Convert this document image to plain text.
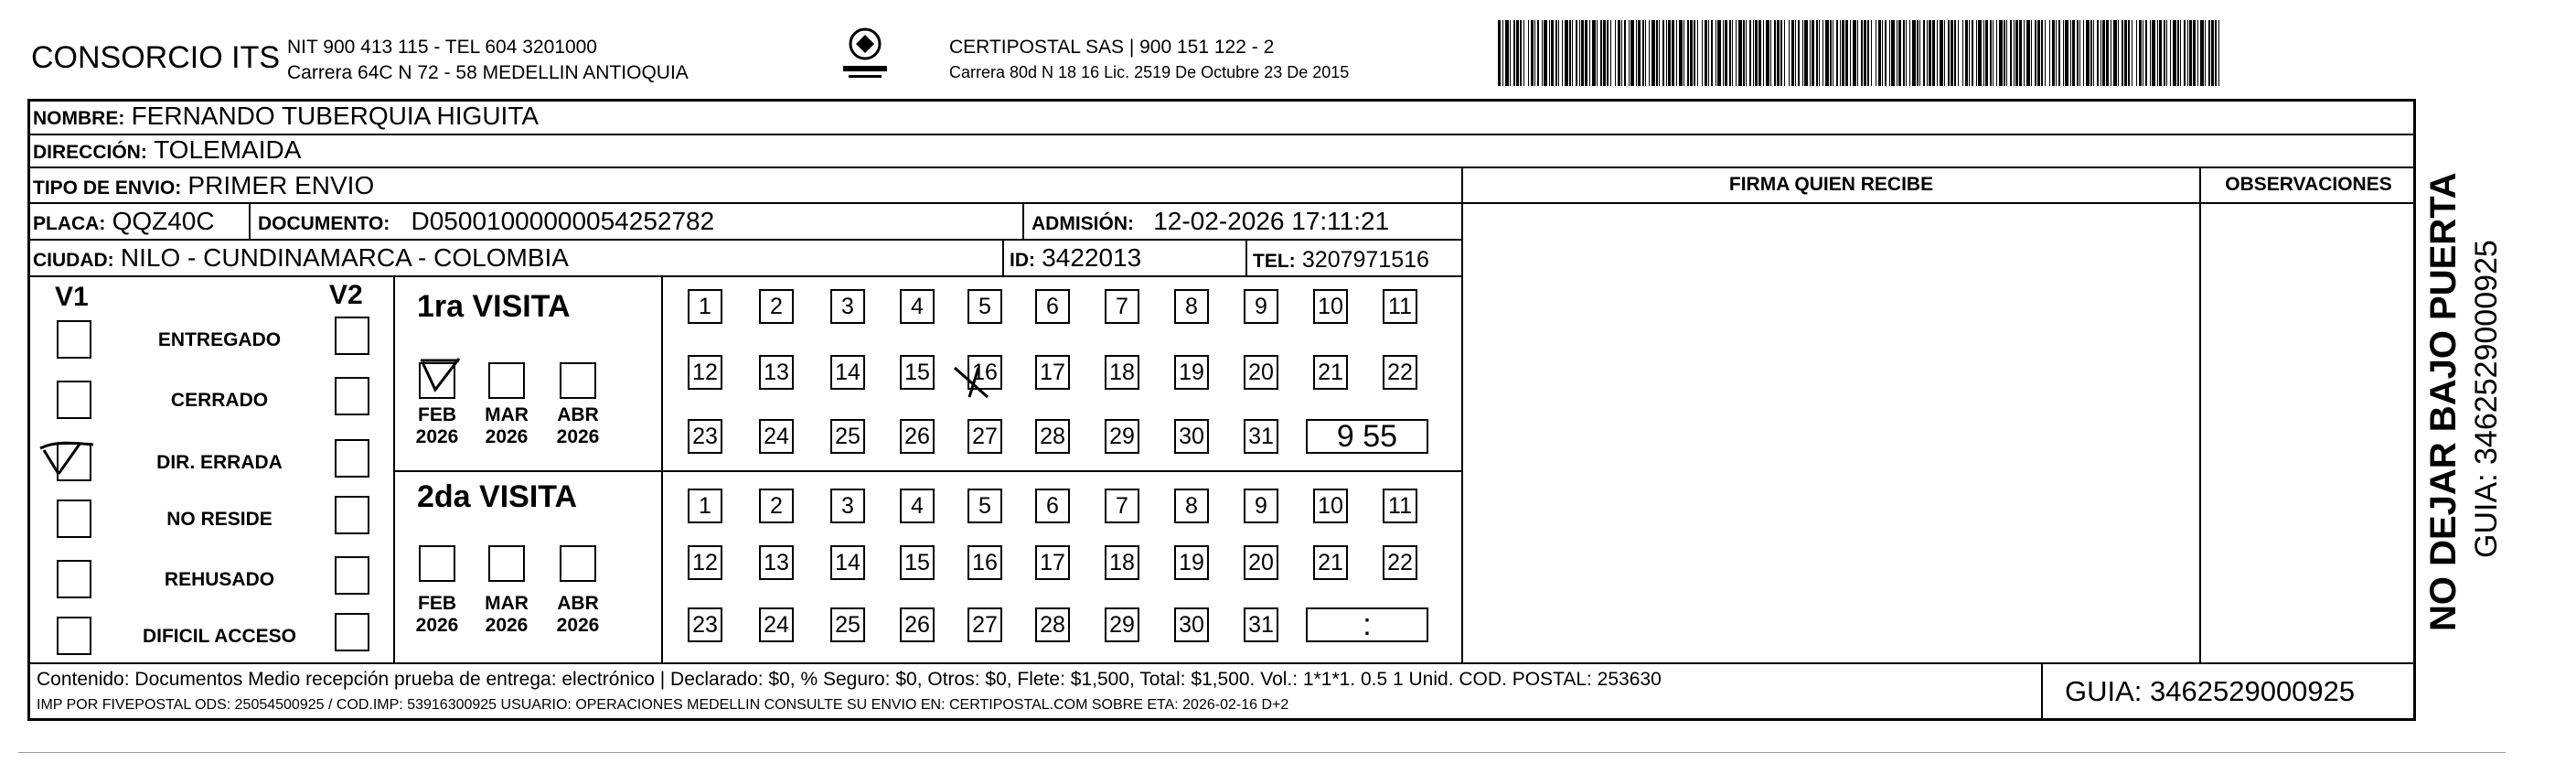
CONSORCIO ITS NIT 900 413 115 - TEL 604 3201000
Carrera 64C N 72 - 58 MEDELLIN ANTIOQUIA
CERTIPOSTAL SAS | 900 151 122 - 2
Carrera 80d N 18 16 Lic. 2519 De Octubre 23 De 2015
NOMBRE: FERNANDO TUBERQUIA HIGUITA
DIRECCIÓN: TOLEMAIDA
TIPO DE ENVIO: PRIMER ENVIO	FIRMA QUIEN RECIBE	OBSERVACIONES
PLACA: QQZ40C DOCUMENTO: D05001000000054252782	ADMISIÓN: 12-02-2026 17:11:21
CIUDAD: NILO - CUNDINAMARCA - COLOMBIA	ID: 3422013	TEL: 3207971516
V1	V2
ENTREGADO
CERRADO
DIR. ERRADA
NO RESIDE
REHUSADO
DIFICIL ACCESO
1ra VISITA
2da VISITA
FEB
2026
MAR
2026
ABR
2026
FEB
2026
MAR
2026
ABR
2026
1	2	3	4	5	6	7	8	9	10 11
12 13 14 15 16 17 18 19 20 21 22
23 24 25 26 27 28 29 30 31	9 55
1	2	3	4	5	6	7	8	9	10 11
12 13 14 15 16 17 18 19 20 21 22
23 24 25 26 27 28 29 30 31	:
Contenido: Documentos Medio recepción prueba de entrega: electrónico | Declarado: $0, % Seguro: $0, Otros: $0, Flete: $1,500, Total: $1,500. Vol.: 1*1*1. 0.5 1 Unid. COD. POSTAL: 253630
IMP POR FIVEPOSTAL ODS: 25054500925 / COD.IMP: 53916300925 USUARIO: OPERACIONES MEDELLIN CONSULTE SU ENVIO EN: CERTIPOSTAL.COM SOBRE ETA: 2026-02-16 D+2	GUIA: 3462529000925
NO DEJAR BAJO PUERTA GUIA: 3462529000925
